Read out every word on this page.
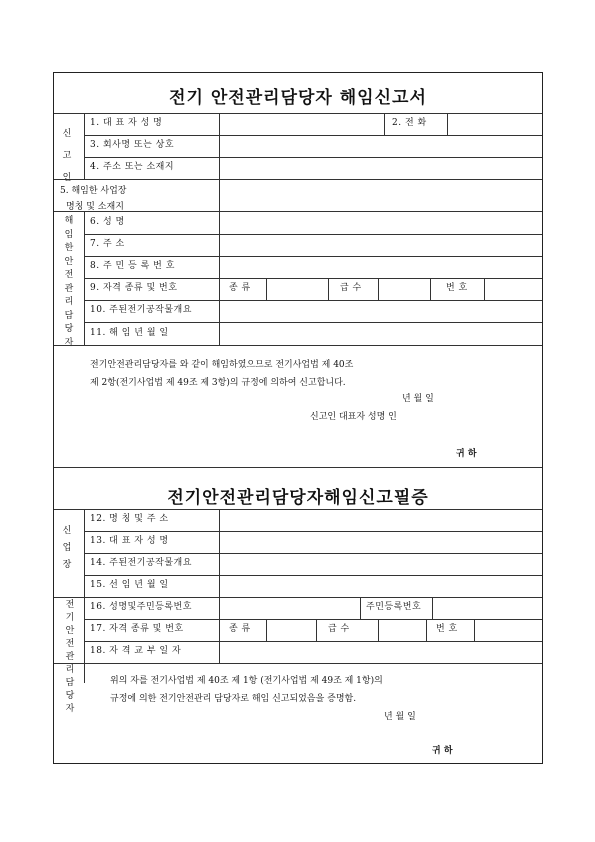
전기 안전관리담당자 해임신고서
신
고
인
1. 대 표 자 성 명	2. 전 화
3. 회사명 또는 상호
4. 주소 또는 소재지
5. 해임한 사업장
명칭 및 소재지
해
임
한
안
전
관
리
담
당
자
6. 성 명
7. 주 소
8. 주 민 등 록 번 호
9. 자격 종류 및 번호	종 류	급 수	번 호
10. 주된전기공작물개요
11. 해 임 년 월 일
전기안전관리담당자를 와 같이 해임하였으므로 전기사업법 제 40조
제 2항(전기사업법 제 49조 제 3항)의 규정에 의하여 신고합니다.
년 월 일
신고인 대표자 성명 인
귀 하
전기안전관리담당자해임신고필증
신
업
장
12. 명 칭 및 주 소
13. 대 표 자 성 명
14. 주된전기공작물개요
15. 선 임 년 월 일
전
기
안
전
관
리
담
당
자
16. 성명및주민등록번호	주민등록번호
17. 자격 종류 및 번호	종 류	급 수	번 호
18. 자 격 교 부 일 자
위의 자를 전기사업법 제 40조 제 1항 (전기사업법 제 49조 제 1항)의
규정에 의한 전기안전관리 담당자로 해임 신고되었음을 증명함.
년 월 일
귀 하
